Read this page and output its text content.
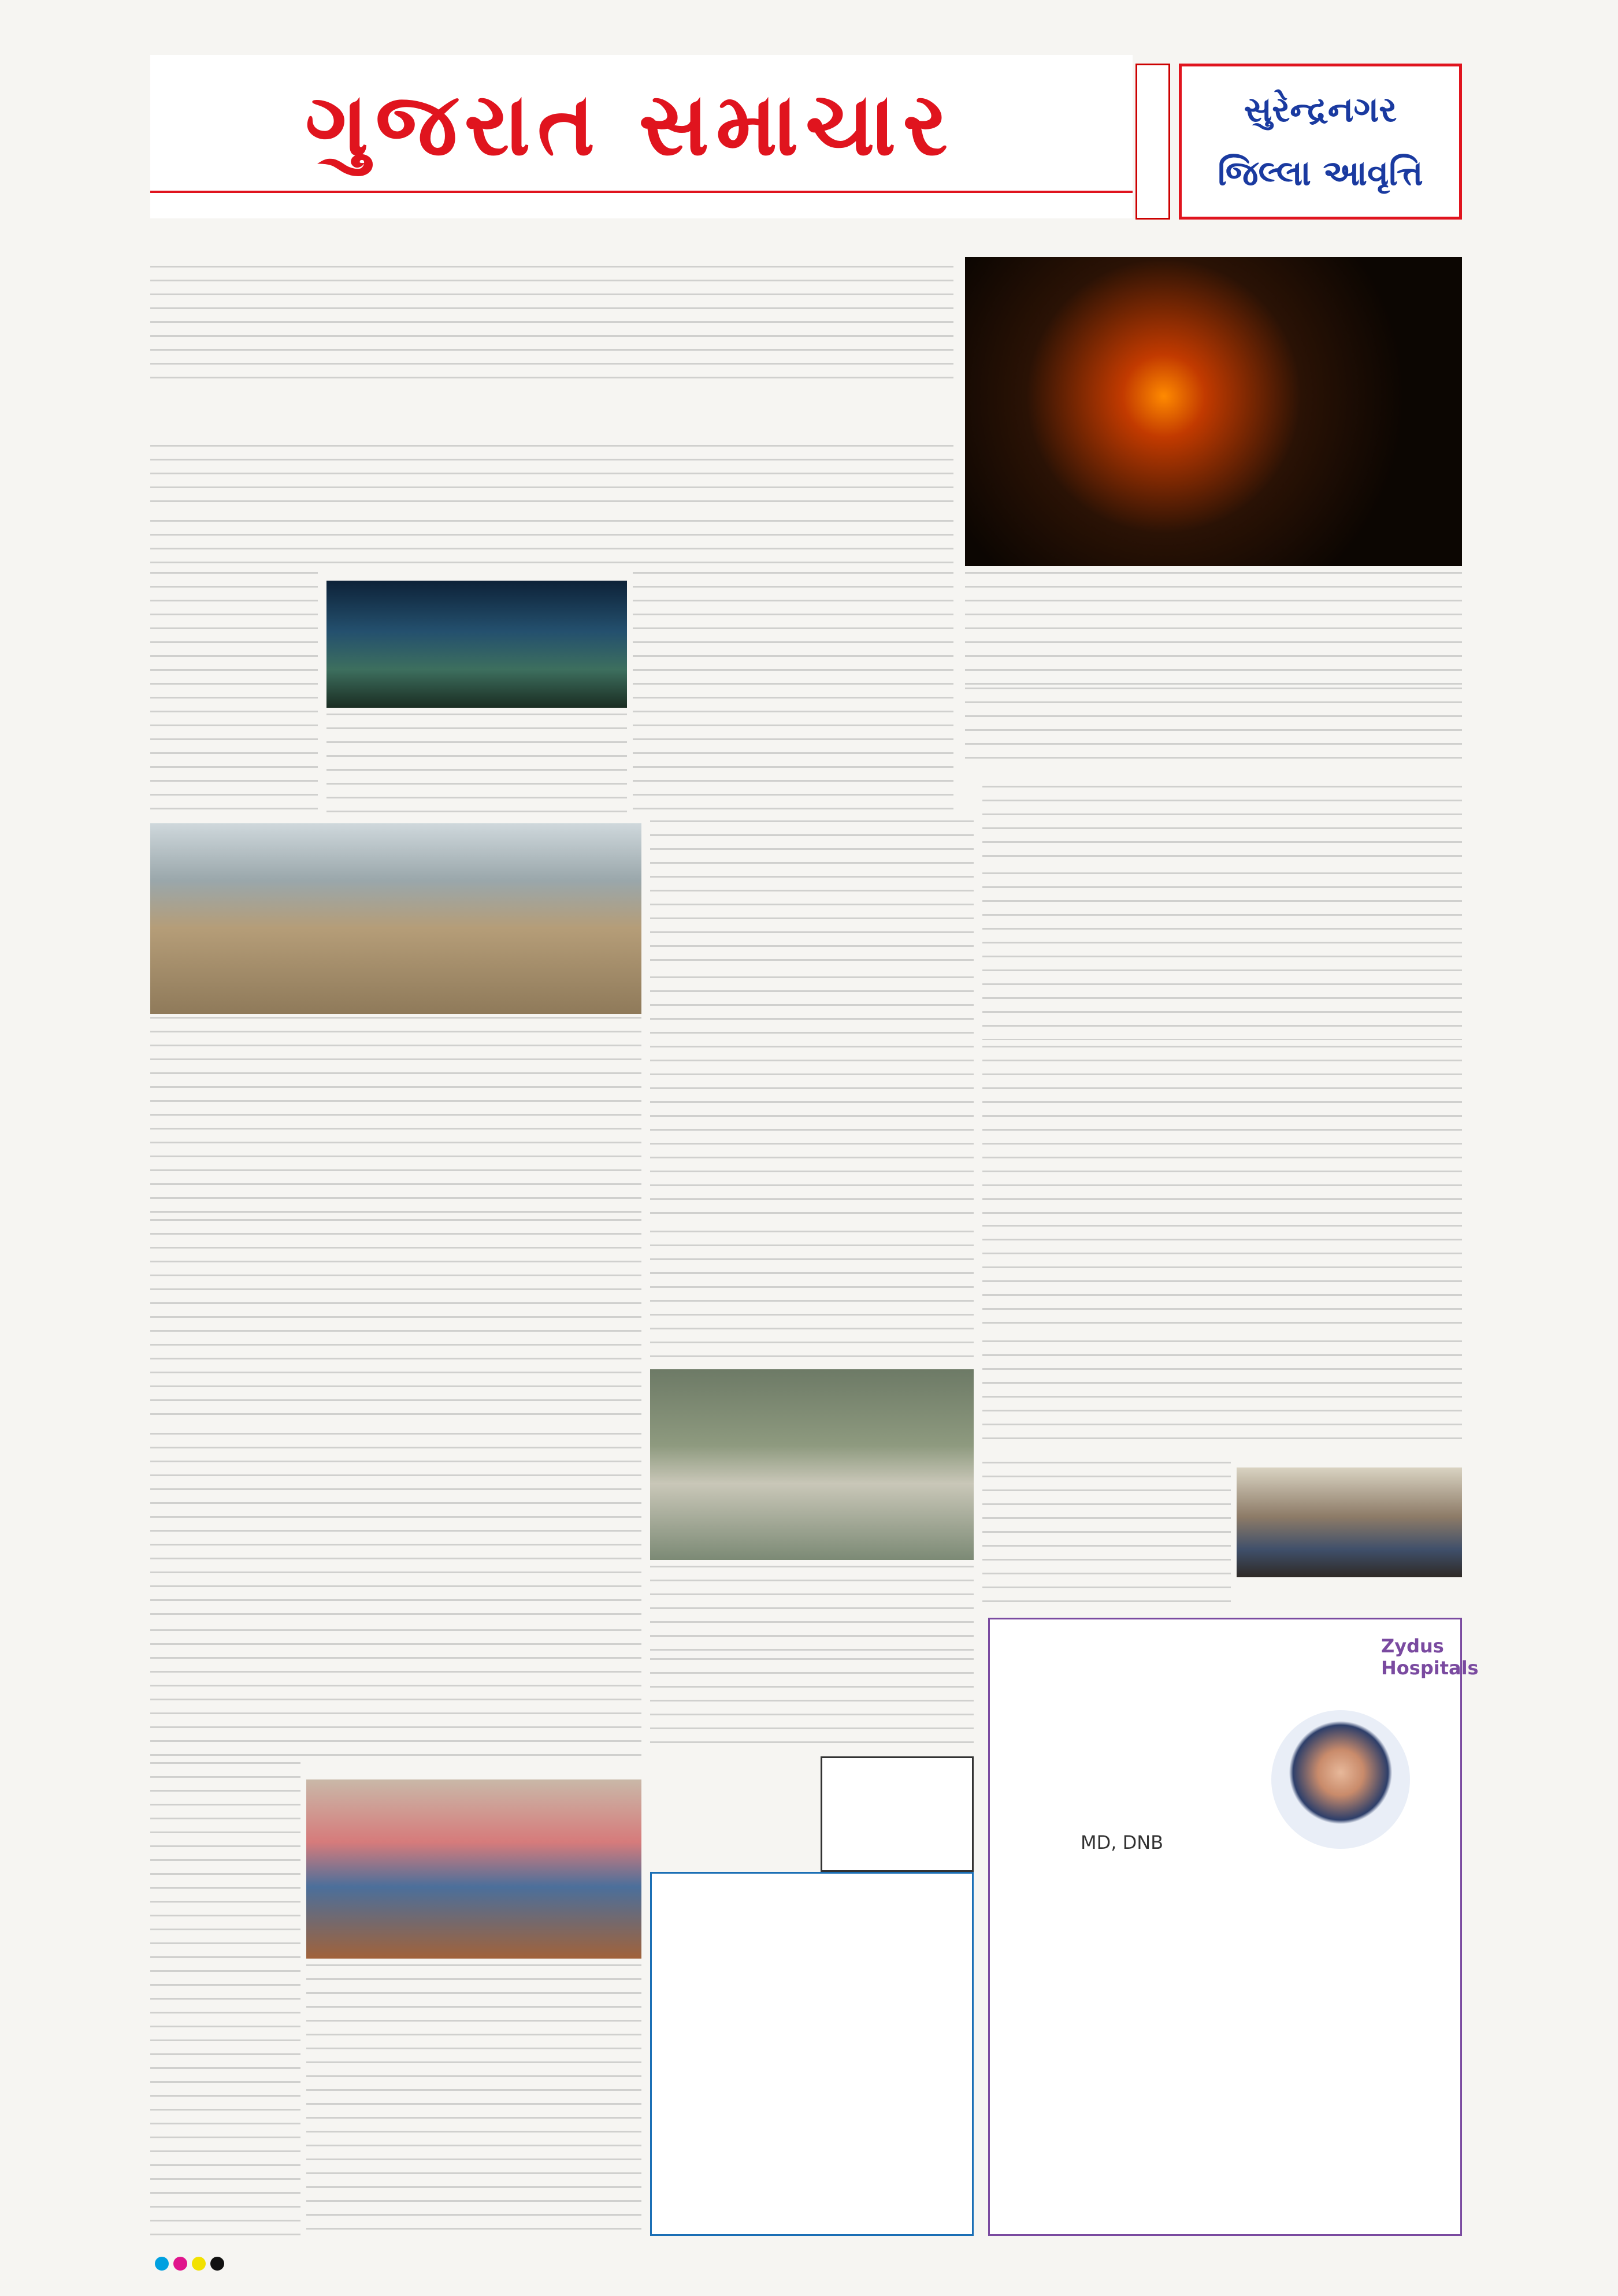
ગુજરાત સમાચાર	સુરેન્દ્રનગર
જિલ્લા આવૃત્તિ
Zydus Hospitals
MD, DNB
